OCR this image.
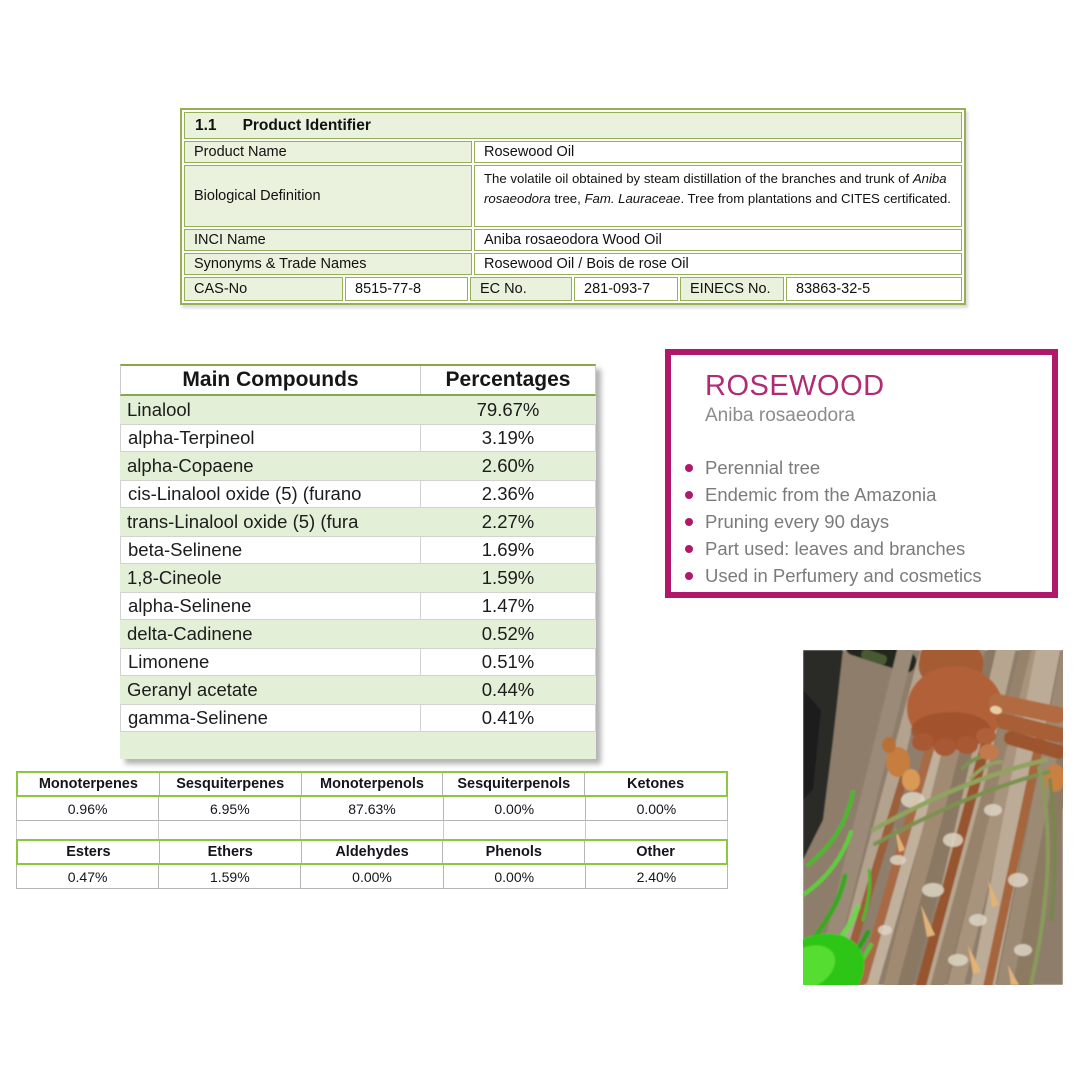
1.1 Product Identifier
Product Name	Rosewood Oil
Biological Definition
The volatile oil obtained by steam distillation of the branches and trunk of Aniba rosaeodora tree, Fam. Lauraceae. Tree from plantations and CITES certificated.
INCI Name	Aniba rosaeodora Wood Oil
Synonyms & Trade Names	Rosewood Oil / Bois de rose Oil
CAS-No	8515-77-8	EC No.	281-093-7	EINECS No.	83863-32-5
Main Compounds	Percentages
Linalool	79.67%
alpha-Terpineol	3.19%
alpha-Copaene	2.60%
cis-Linalool oxide (5) (furano	2.36%
trans-Linalool oxide (5) (fura	2.27%
beta-Selinene	1.69%
1,8-Cineole	1.59%
alpha-Selinene	1.47%
delta-Cadinene	0.52%
Limonene	0.51%
Geranyl acetate	0.44%
gamma-Selinene	0.41%
ROSEWOOD
Aniba rosaeodora
Perennial tree
Endemic from the Amazonia
Pruning every 90 days
Part used: leaves and branches
Used in Perfumery and cosmetics
Monoterpenes	Sesquiterpenes	Monoterpenols	Sesquiterpenols	Ketones
0.96%	6.95%	87.63%	0.00%	0.00%
Esters	Ethers	Aldehydes	Phenols	Other
0.47%	1.59%	0.00%	0.00%	2.40%
